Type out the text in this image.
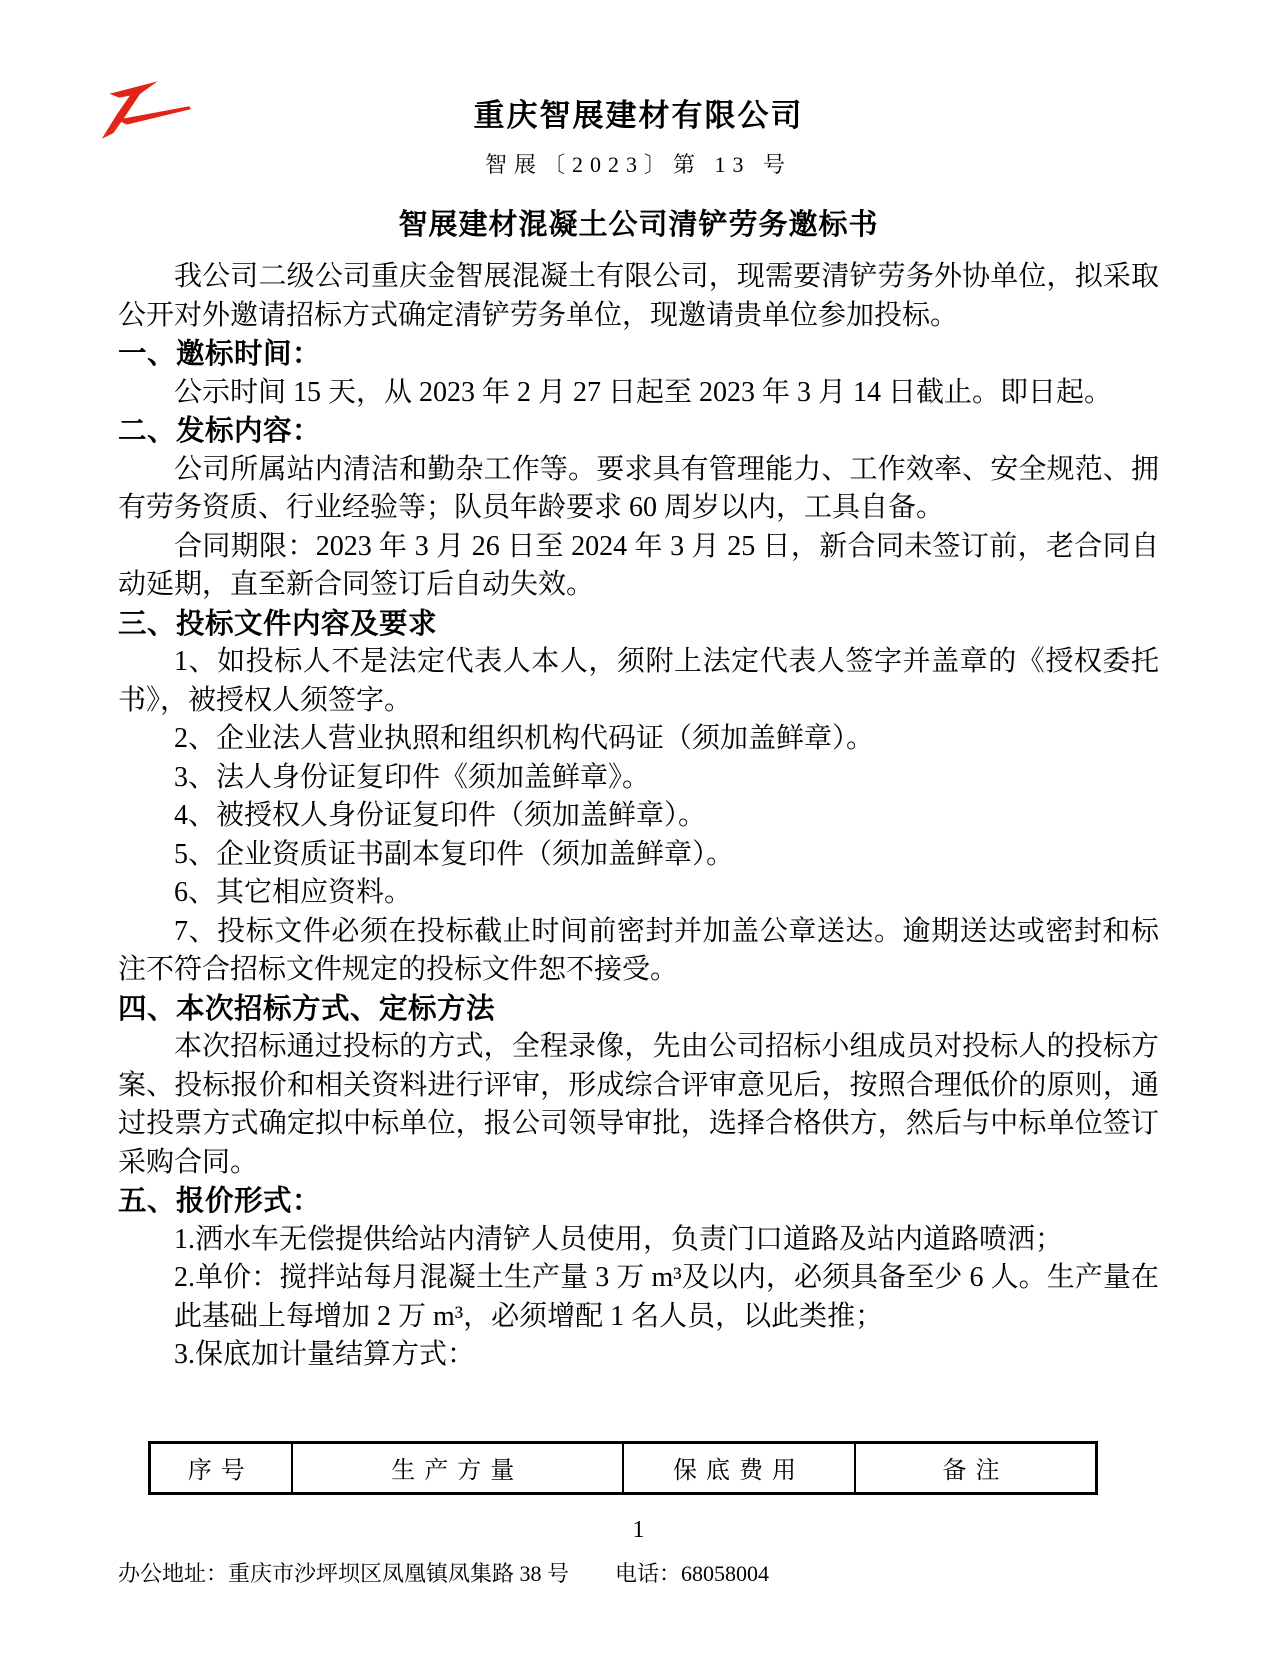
重庆智展建材有限公司
智展〔2023〕第 13 号
智展建材混凝土公司清铲劳务邀标书

我公司二级公司重庆金智展混凝土有限公司，现需要清铲劳务外协单位，拟采取公开对外邀请招标方式确定清铲劳务单位，现邀请贵单位参加投标。

一、邀标时间：

公示时间 15 天，从 2023 年 2 月 27 日起至 2023 年 3 月 14 日截止。即日起。

二、发标内容：

公司所属站内清洁和勤杂工作等。要求具有管理能力、工作效率、安全规范、拥有劳务资质、行业经验等；队员年龄要求 60 周岁以内，工具自备。

合同期限：2023 年 3 月 26 日至 2024 年 3 月 25 日，新合同未签订前，老合同自动延期，直至新合同签订后自动失效。

三、投标文件内容及要求

1、如投标人不是法定代表人本人，须附上法定代表人签字并盖章的《授权委托书》，被授权人须签字。

2、企业法人营业执照和组织机构代码证（须加盖鲜章）。

3、法人身份证复印件《须加盖鲜章》。

4、被授权人身份证复印件（须加盖鲜章）。

5、企业资质证书副本复印件（须加盖鲜章）。

6、其它相应资料。

7、投标文件必须在投标截止时间前密封并加盖公章送达。逾期送达或密封和标注不符合招标文件规定的投标文件恕不接受。

四、本次招标方式、定标方法

本次招标通过投标的方式，全程录像，先由公司招标小组成员对投标人的投标方案、投标报价和相关资料进行评审，形成综合评审意见后，按照合理低价的原则，通过投票方式确定拟中标单位，报公司领导审批，选择合格供方，然后与中标单位签订采购合同。

五、报价形式：

1.洒水车无偿提供给站内清铲人员使用，负责门口道路及站内道路喷洒；

2.单价：搅拌站每月混凝土生产量 3 万 m³及以内，必须具备至少 6 人。生产量在此基础上每增加 2 万 m³，必须增配 1 名人员，以此类推；

3.保底加计量结算方式：

序号	生产方量	保底费用	备注
1
办公地址：重庆市沙坪坝区凤凰镇凤集路 38 号 电话：68058004
